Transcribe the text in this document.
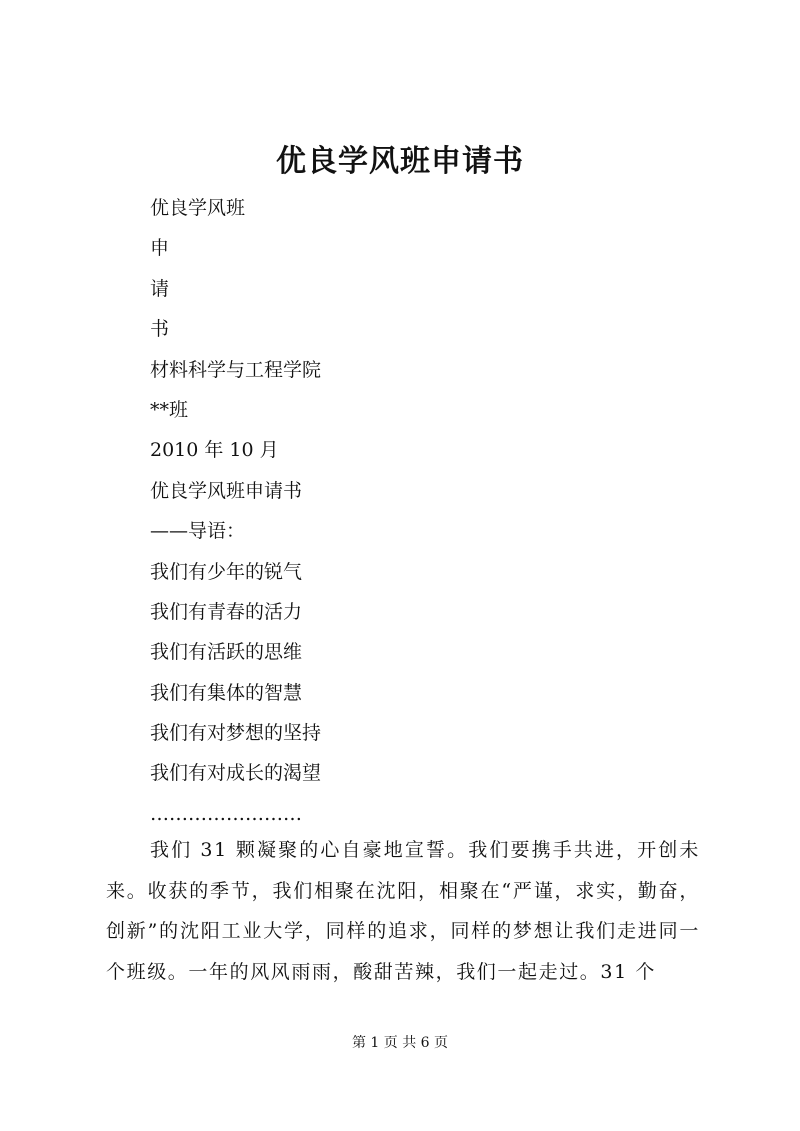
优良学风班申请书
优良学风班
申
请
书
材料科学与工程学院
**班
2010 年 10 月
优良学风班申请书
——导语：
我们有少年的锐气
我们有青春的活力
我们有活跃的思维
我们有集体的智慧
我们有对梦想的坚持
我们有对成长的渴望
……………………
我们 31 颗凝聚的心自豪地宣誓。我们要携手共进，开创未来。收获的季节，我们相聚在沈阳，相聚在“严谨，求实，勤奋，创新”的沈阳工业大学，同样的追求，同样的梦想让我们走进同一个班级。一年的风风雨雨，酸甜苦辣，我们一起走过。31 个
第 1 页 共 6 页
